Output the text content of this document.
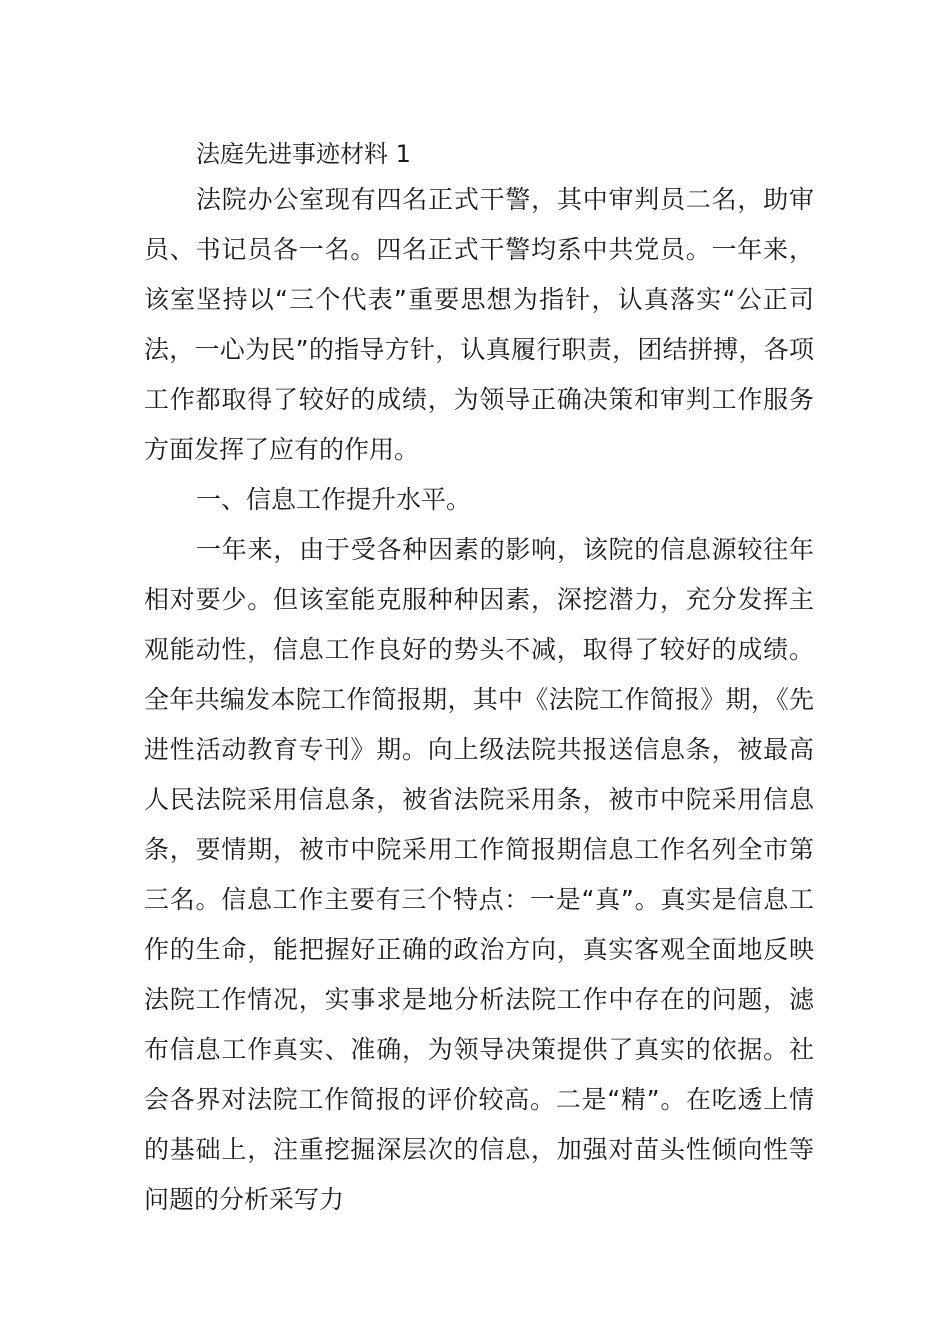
法庭先进事迹材料 1

法院办公室现有四名正式干警，其中审判员二名，助审员、书记员各一名。四名正式干警均系中共党员。一年来，该室坚持以“三个代表”重要思想为指针，认真落实“公正司法，一心为民”的指导方针，认真履行职责，团结拼搏，各项工作都取得了较好的成绩，为领导正确决策和审判工作服务方面发挥了应有的作用。

一、信息工作提升水平。

一年来，由于受各种因素的影响，该院的信息源较往年相对要少。但该室能克服种种因素，深挖潜力，充分发挥主观能动性，信息工作良好的势头不减，取得了较好的成绩。全年共编发本院工作简报期，其中《法院工作简报》期，《先进性活动教育专刊》期。向上级法院共报送信息条，被最高人民法院采用信息条，被省法院采用条，被市中院采用信息条，要情期，被市中院采用工作简报期信息工作名列全市第三名。信息工作主要有三个特点：一是“真”。真实是信息工作的生命，能把握好正确的政治方向，真实客观全面地反映法院工作情况，实事求是地分析法院工作中存在的问题，滤布信息工作真实、准确，为领导决策提供了真实的依据。社会各界对法院工作简报的评价较高。二是“精”。在吃透上情的基础上，注重挖掘深层次的信息，加强对苗头性倾向性等问题的分析采写力
